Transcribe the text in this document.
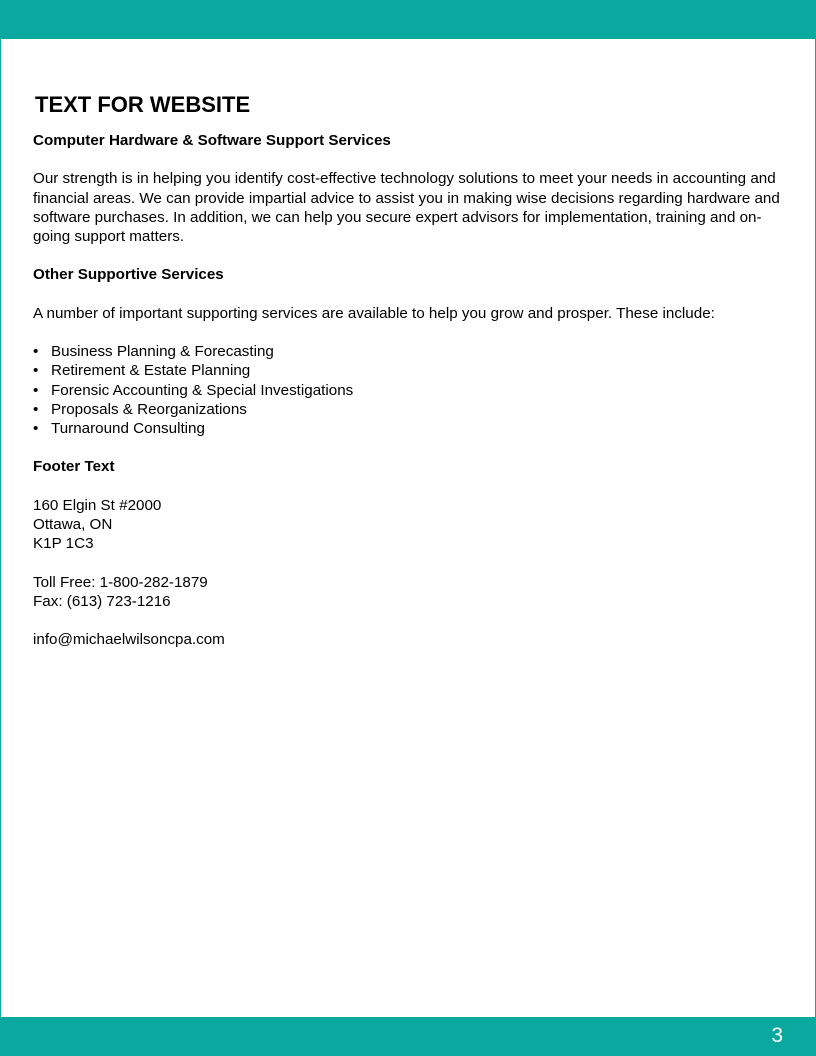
TEXT FOR WEBSITE

Computer Hardware & Software Support Services

Our strength is in helping you identify cost-effective technology solutions to meet your needs in accounting and financial areas. We can provide impartial advice to assist you in making wise decisions regarding hardware and software purchases. In addition, we can help you secure expert advisors for implementation, training and on-going support matters.

Other Supportive Services

A number of important supporting services are available to help you grow and prosper. These include:

• Business Planning & Forecasting
• Retirement & Estate Planning
• Forensic Accounting & Special Investigations
• Proposals & Reorganizations
• Turnaround Consulting

Footer Text

160 Elgin St #2000

Ottawa, ON

K1P 1C3

Toll Free: 1-800-282-1879

Fax: (613) 723-1216

info@michaelwilsoncpa.com

3
